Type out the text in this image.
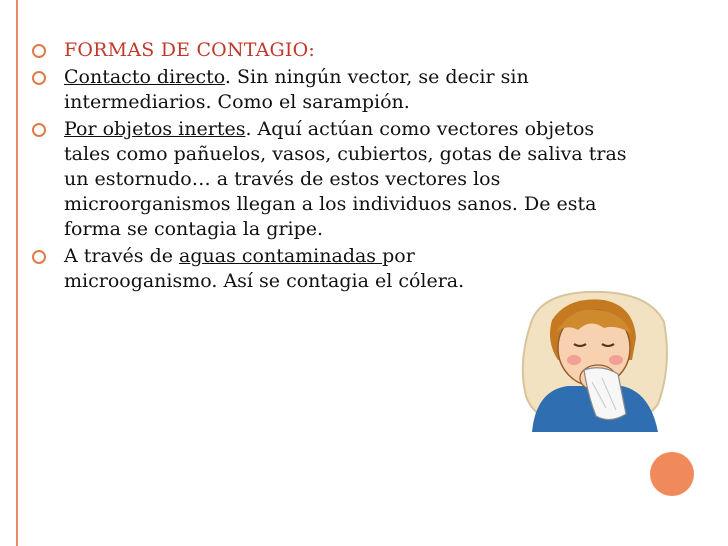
FORMAS DE CONTAGIO:
Contacto directo. Sin ningún vector, se decir sin intermediarios. Como el sarampión.
Por objetos inertes. Aquí actúan como vectores objetos tales como pañuelos, vasos, cubiertos, gotas de saliva tras un estornudo… a través de estos vectores los microorganismos llegan a los individuos sanos. De esta forma se contagia la gripe.
A través de aguas contaminadas por microoganismo. Así se contagia el cólera.
